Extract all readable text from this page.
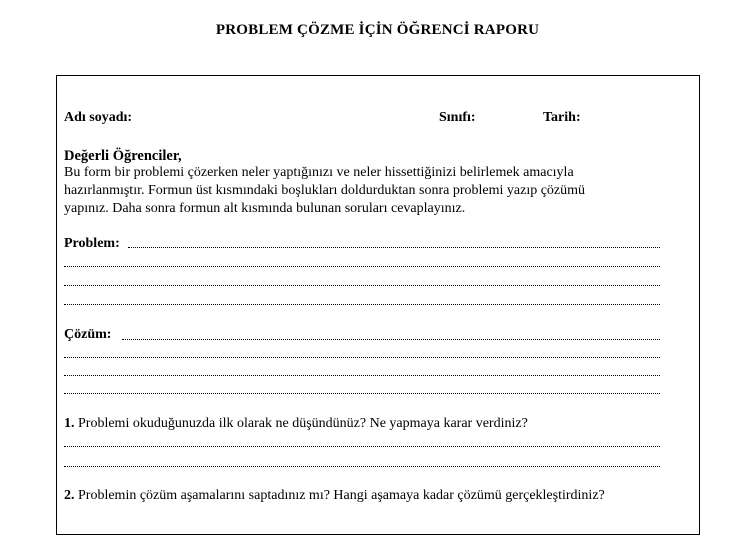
PROBLEM ÇÖZME İÇİN ÖĞRENCİ RAPORU
Adı soyadı:	Sınıfı:	Tarih:
Değerli Öğrenciler,
Bu form bir problemi çözerken neler yaptığınızı ve neler hissettiğinizi belirlemek amacıyla
hazırlanmıştır. Formun üst kısmındaki boşlukları doldurduktan sonra problemi yazıp çözümü
yapınız. Daha sonra formun alt kısmında bulunan soruları cevaplayınız.
Problem:
Çözüm:
1. Problemi okuduğunuzda ilk olarak ne düşündünüz? Ne yapmaya karar verdiniz?
2. Problemin çözüm aşamalarını saptadınız mı? Hangi aşamaya kadar çözümü gerçekleştirdiniz?
